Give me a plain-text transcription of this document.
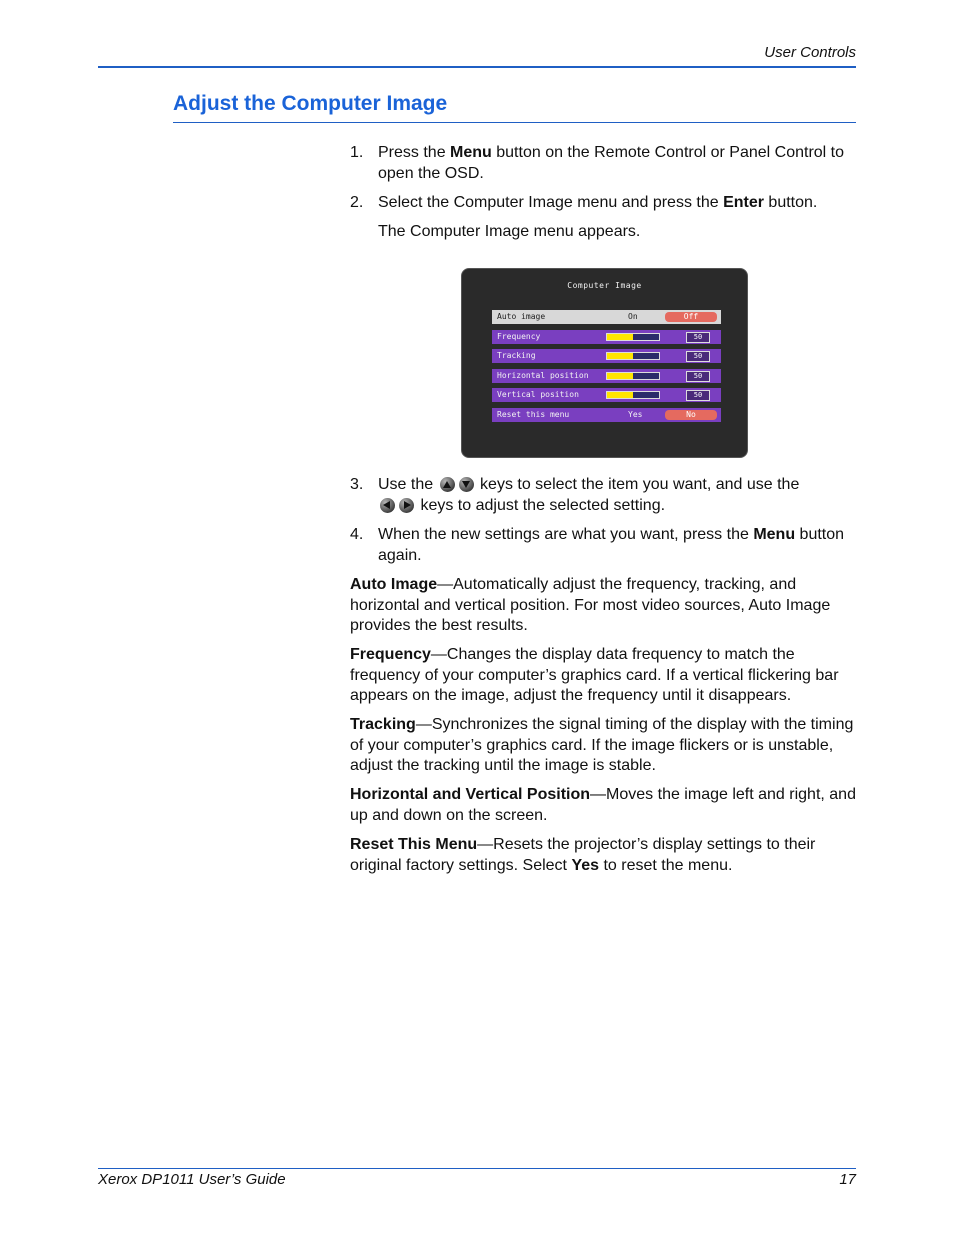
User Controls
Adjust the Computer Image
1. Press the Menu button on the Remote Control or Panel Control to open the OSD.
2. Select the Computer Image menu and press the Enter button.
The Computer Image menu appears.
Computer Image
Auto image	On	Off
Frequency	50
Tracking	50
Horizontal position	50
Vertical position	50
Reset this menu	Yes	No
3. Use the	keys to select the item you want, and use the
keys to adjust the selected setting.
4. When the new settings are what you want, press the Menu button again.
Auto Image—Automatically adjust the frequency, tracking, and horizontal and vertical position. For most video sources, Auto Image provides the best results.
Frequency—Changes the display data frequency to match the frequency of your computer’s graphics card. If a vertical flickering bar appears on the image, adjust the frequency until it disappears.
Tracking—Synchronizes the signal timing of the display with the timing of your computer’s graphics card. If the image flickers or is unstable, adjust the tracking until the image is stable.
Horizontal and Vertical Position—Moves the image left and right, and up and down on the screen.
Reset This Menu—Resets the projector’s display settings to their original factory settings. Select Yes to reset the menu.
Xerox DP1011 User’s Guide	17
